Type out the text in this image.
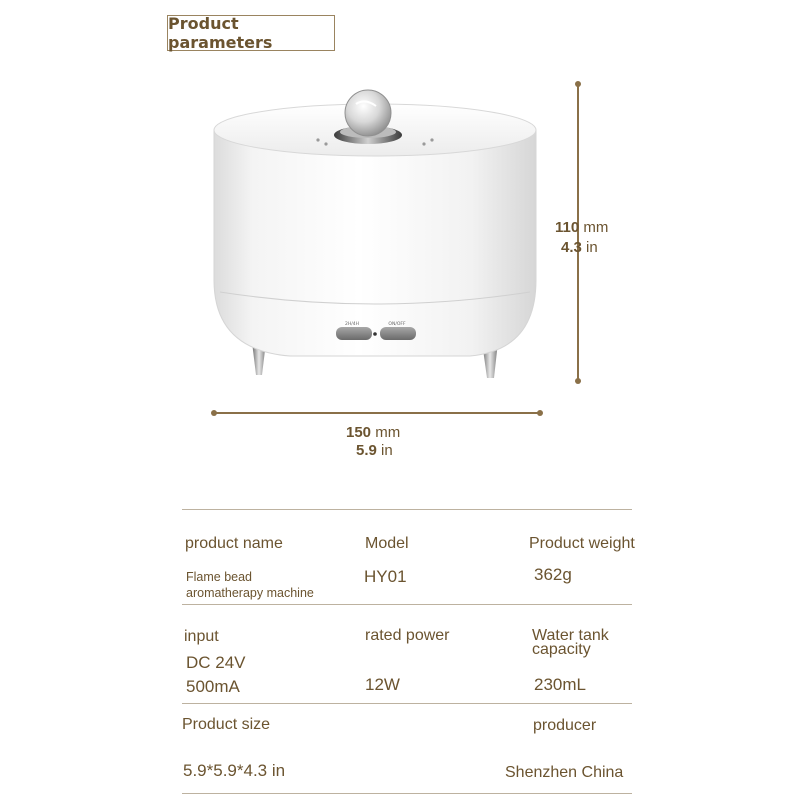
Product parameters
2H/4H	ON/OFF
110 mm
4.3 in
150 mm
5.9 in
product name
Flame bead
aromatherapy machine
Model
HY01
Product weight
362g
input
DC 24V
500mA
rated power
12W
Water tank
capacity
230mL
Product size
5.9*5.9*4.3 in
producer
Shenzhen China
